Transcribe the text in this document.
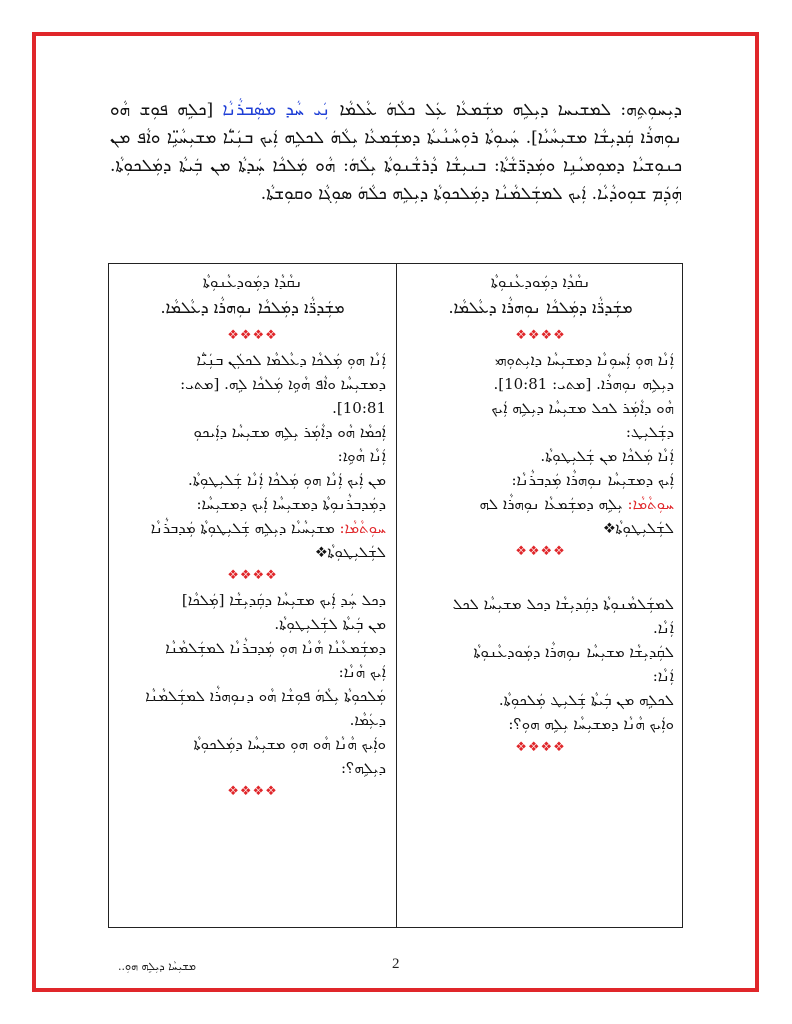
ܕܝܼܚܘܼܬܹܗ: ܠܡܫܝܚܐ ܕܝܼܠܹܗ ܡܫܲܡܥܵܐ ܥܲܠ ܟܠܵܗܿ ܥܵܠܡܵܐ ܢܲܝ ܚܵܕ ܡܣܲܒܪܵܢܵܐ [ܟܠܹܗ ܦܘܼܫ ܗܵܘ ܢܘܼܗܪܵܐ ܩܲܕܝܼܫܵܐ ܡܫܝܼܚܵܝܵܐ]. ܚܲܝܘܼܬܵܐ ܪܘܼܚܵܢܵܝܬܵܐ ܕܡܫܲܡܥܵܐ ܝܼܠܵܗܿ ܠܟܠܹܗ ܐܲܝܟ ܒܢܲܝ̈ܵܐ ܡܫܝܼܚܵܝܹ̈ܐ ܘܐܵܦ ܡܢ ܟܢܘܼܫܝܵܐ ܕܡܘܼܡܝܵܢܹܐ ܘܡܲܕܪ̈ܫܵܬܵܐ: ܒܢܝܼܫܵܐ ܕܵܪܫܵܢܘܼܬܵܐ ܝܼܠܵܗܿ: ܗܵܘ ܡܲܠܟܵܐ ܚܲܕܬܵܐ ܡܢ ܒܲܝܬܵܐ ܕܡܲܠܟܘܼܬܵܐ. ܗܲܕܲܡ ܫܘܼܘܕܵܝܵܐ. ܐܲܝܟ ܠܡܫܲܠܡܵܢܵܐ ܕܡܲܠܟܘܼܬܵܐ ܕܝܼܠܹܗ ܟܠܵܗܿ ܣܘܼܓܵܐ ܘܩܘܼܫܬܵܐ.
ܢܩܵܕܵܐ ܕܡܲܘܕܥܵܢܘܼܬܵܐ
ܡܫܲܕܪ̈ܵܐ ܕܡܲܠܟܵܐ ܢܘܼܗܪܵܐ ܕܥܵܠܡܵܐ.
❖❖❖❖
ܐܲܢܵܐ ܗܘܼ ܐܲܚܘܼܢܵܐ ܕܡܫܝܼܚܵܐ ܕܐܝܼܬܘܼܗܝ
ܕܝܼܠܹܗ ܢܘܼܗܪܵܐ. [ܡܬܝ: 10:81].
ܗܵܘ ܕܐܵܡܲܪ ܠܟܠ ܡܫܝܼܚܵܐ ܕܝܼܠܹܗ ܐܲܝܟ
ܕܫܲܠܝܼܛ:
ܐܲܢܵܐ ܡܲܠܟܵܐ ܡܢ ܫܲܠܝܼܛܘܼܬܵܐ.
ܐܲܝܟ ܕܡܫܝܼܚܵܐ ܢܘܼܗܪܵܐ ܡܲܕܒܪܵܢܵܐ:
ܚܘܼܬܵܡܵܐ: ܝܼܠܹܗ ܕܡܫܲܡܥܵܐ ܢܘܼܗܪܵܐ ܠܗ
ܠܫܲܠܝܼܛܘܼܬܵܐ❖
❖❖❖❖
ܠܡܫܲܠܡܵܢܘܼܬܵܐ ܕܩܲܕܝܼܫܵܐ ܕܟܠ ܡܫܝܼܚܵܐ ܠܟܠ
ܐܲܢܵܐ.
ܠܩܲܕܝܼܫܵܐ ܡܫܝܼܚܵܐ ܢܘܼܗܪܵܐ ܕܡܲܘܕܥܵܢܘܼܬܵܐ
ܐܲܢܵܐ:
ܠܟܠܹܗ ܡܢ ܒܲܝܬܵܐ ܫܲܠܝܼܛ ܡܲܠܟܘܼܬܵܐ.
ܘܐܲܝܟ ܗܵܢܵܐ ܕܡܫܝܼܚܵܐ ܝܼܠܹܗ ܗܘܼ؟:
❖❖❖❖
ܢܩܵܕܵܐ ܕܡܲܘܕܥܵܢܘܼܬܵܐ
ܡܫܲܕܪ̈ܵܐ ܕܡܲܠܟܵܐ ܢܘܼܗܪܵܐ ܕܥܵܠܡܵܐ.
❖❖❖❖
ܐܲܢܵܐ ܗܘܼ ܡܲܠܟܵܐ ܕܥܵܠܡܵܐ ܠܟܠܲܢ ܒܢܲܝ̈ܵܐ
ܕܡܫܝܼܚܵܐ ܘܐܵܦ ܗܵܘܹܐ ܡܲܠܟܵܐ ܠܹܗ. [ܡܬܝ:
10:81].
ܐܲܟܡܵܐ ܗܵܘ ܕܐܵܡܲܪ ܝܼܠܹܗ ܡܫܝܼܚܵܐ ܕܐܲܝܟܘܼ
ܐܲܢܵܐ ܗܵܘܹܐ:
ܡܢ ܐܲܝܟ ܐܲܢܵܐ ܗܘܼ ܡܲܠܟܵܐ ܐܲܢܵܐ ܫܲܠܝܼܛܘܼܬܵܐ.
ܕܡܲܕܒܪܵܢܘܼܬܵܐ ܕܡܫܝܼܚܵܐ ܐܲܝܟ ܕܡܫܝܼܚܵܐ:
ܚܘܼܬܵܡܵܐ: ܡܫܝܼܚܵܝܵܐ ܕܝܼܠܹܗ ܫܲܠܝܼܛܘܼܬܵܐ ܡܲܕܒܪܵܢܵܐ
ܠܫܲܠܝܼܛܘܼܬܵܐ❖
❖❖❖❖
ܕܟܠ ܚܲܕ ܐܲܝܟ ܡܫܝܼܚܵܐ ܕܩܲܕܝܼܫܵܐ [ܡܲܠܟܵܐ]
ܡܢ ܒܲܝܬܵܐ ܠܫܲܠܝܼܛܘܼܬܵܐ.
ܕܡܫܲܡܥܵܢܵܐ ܗܵܢܵܐ ܗܘܼ ܡܲܕܒܪܵܢܵܐ ܠܡܫܲܠܡܵܢܵܐ
ܐܲܝܟ ܗܵܢܵܐ:
ܡܲܠܟܘܼܬܵܐ ܝܼܠܵܗܿ ܦܘܼܫܵܐ ܗܵܘ ܕܢܘܼܗܪܵܐ ܠܡܫܲܠܡܵܢܵܐ
ܕܥܲܡܵܐ.
ܘܐܲܝܟ ܗܵܢܵܐ ܗܵܘ ܗܘܼ ܡܫܝܼܚܵܐ ܕܡܲܠܟܘܼܬܵܐ
ܕܝܼܠܹܗ؟:
❖❖❖❖
ܡܫܝܼܚܵܐ ܕܝܼܠܹܗ ܗܘܼ..	2
